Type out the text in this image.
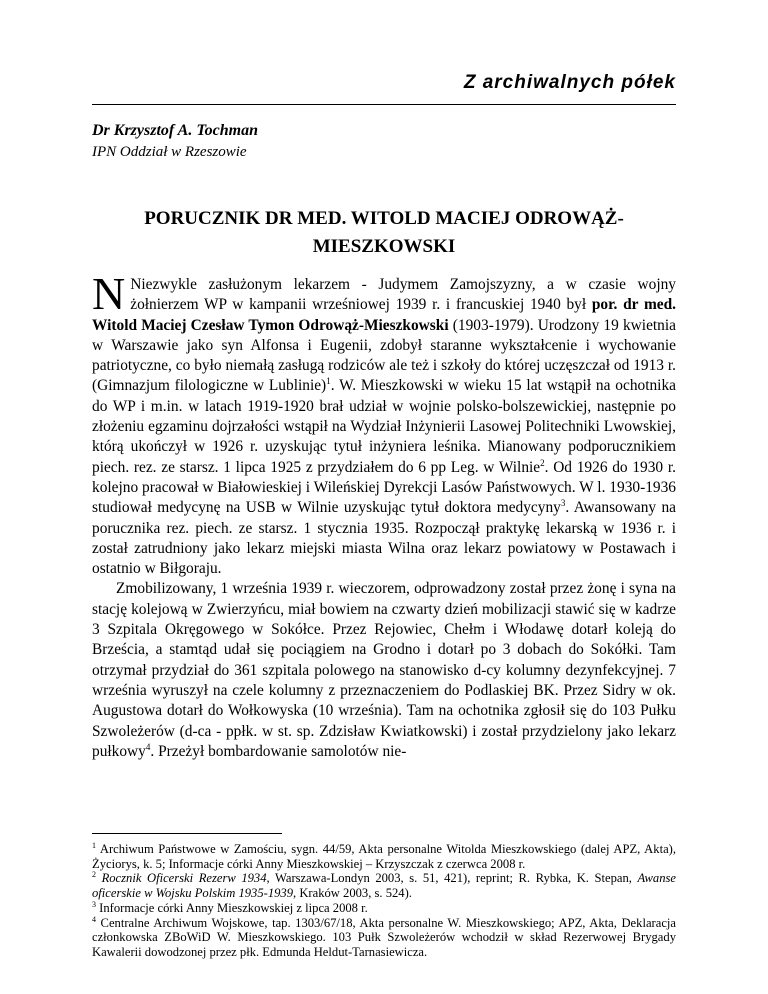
Z archiwalnych półek
Dr Krzysztof A. Tochman
IPN Oddział w Rzeszowie
PORUCZNIK DR MED. WITOLD MACIEJ ODROWĄŻ-
MIESZKOWSKI

N Niezwykle zasłużonym lekarzem - Judymem Zamojszyzny, a w czasie wojny żołnierzem WP w kampanii wrześniowej 1939 r. i francuskiej 1940 był por. dr med. Witold Maciej Czesław Tymon Odrowąż-Mieszkowski (1903-1979). Urodzony 19 kwietnia w Warszawie jako syn Alfonsa i Eugenii, zdobył staranne wykształcenie i wychowanie patriotyczne, co było niemałą zasługą rodziców ale też i szkoły do której uczęszczał od 1913 r. (Gimnazjum filologiczne w Lublinie)$^1$. W. Mieszkowski w wieku 15 lat wstąpił na ochotnika do WP i m.in. w latach 1919-1920 brał udział w wojnie polsko-bolszewickiej, następnie po złożeniu egzaminu dojrzałości wstąpił na Wydział Inżynierii Lasowej Politechniki Lwowskiej, którą ukończył w 1926 r. uzyskując tytuł inżyniera leśnika. Mianowany podporucznikiem piech. rez. ze starsz. 1 lipca 1925 z przydziałem do 6 pp Leg. w Wilnie$^2$. Od 1926 do 1930 r. kolejno pracował w Białowieskiej i Wileńskiej Dyrekcji Lasów Państwowych. W l. 1930-1936 studiował medycynę na USB w Wilnie uzyskując tytuł doktora medycyny$^3$. Awansowany na porucznika rez. piech. ze starsz. 1 stycznia 1935. Rozpoczął praktykę lekarską w 1936 r. i został zatrudniony jako lekarz miejski miasta Wilna oraz lekarz powiatowy w Postawach i ostatnio w Biłgoraju.

Zmobilizowany, 1 września 1939 r. wieczorem, odprowadzony został przez żonę i syna na stację kolejową w Zwierzyńcu, miał bowiem na czwarty dzień mobilizacji stawić się w kadrze 3 Szpitala Okręgowego w Sokółce. Przez Rejowiec, Chełm i Włodawę dotarł koleją do Brześcia, a stamtąd udał się pociągiem na Grodno i dotarł po 3 dobach do Sokółki. Tam otrzymał przydział do 361 szpitala polowego na stanowisko d-cy kolumny dezynfekcyjnej. 7 września wyruszył na czele kolumny z przeznaczeniem do Podlaskiej BK. Przez Sidry w ok. Augustowa dotarł do Wołkowyska (10 września). Tam na ochotnika zgłosił się do 103 Pułku Szwoleżerów (d-ca - ppłk. w st. sp. Zdzisław Kwiatkowski) i został przydzielony jako lekarz pułkowy$^4$. Przeżył bombardowanie samolotów nie-

$^1$ Archiwum Państwowe w Zamościu, sygn. 44/59, Akta personalne Witolda Mieszkowskiego (dalej APZ, Akta), Życiorys, k. 5; Informacje córki Anny Mieszkowskiej – Krzyszczak z czerwca 2008 r.

$^2$ Rocznik Oficerski Rezerw 1934, Warszawa-Londyn 2003, s. 51, 421), reprint; R. Rybka, K. Stepan, Awanse oficerskie w Wojsku Polskim 1935-1939, Kraków 2003, s. 524).

$^3$ Informacje córki Anny Mieszkowskiej z lipca 2008 r.

$^4$ Centralne Archiwum Wojskowe, tap. 1303/67/18, Akta personalne W. Mieszkowskiego; APZ, Akta, Deklaracja członkowska ZBoWiD W. Mieszkowskiego. 103 Pułk Szwoleżerów wchodził w skład Rezerwowej Brygady Kawalerii dowodzonej przez płk. Edmunda Heldut-Tarnasiewicza.
